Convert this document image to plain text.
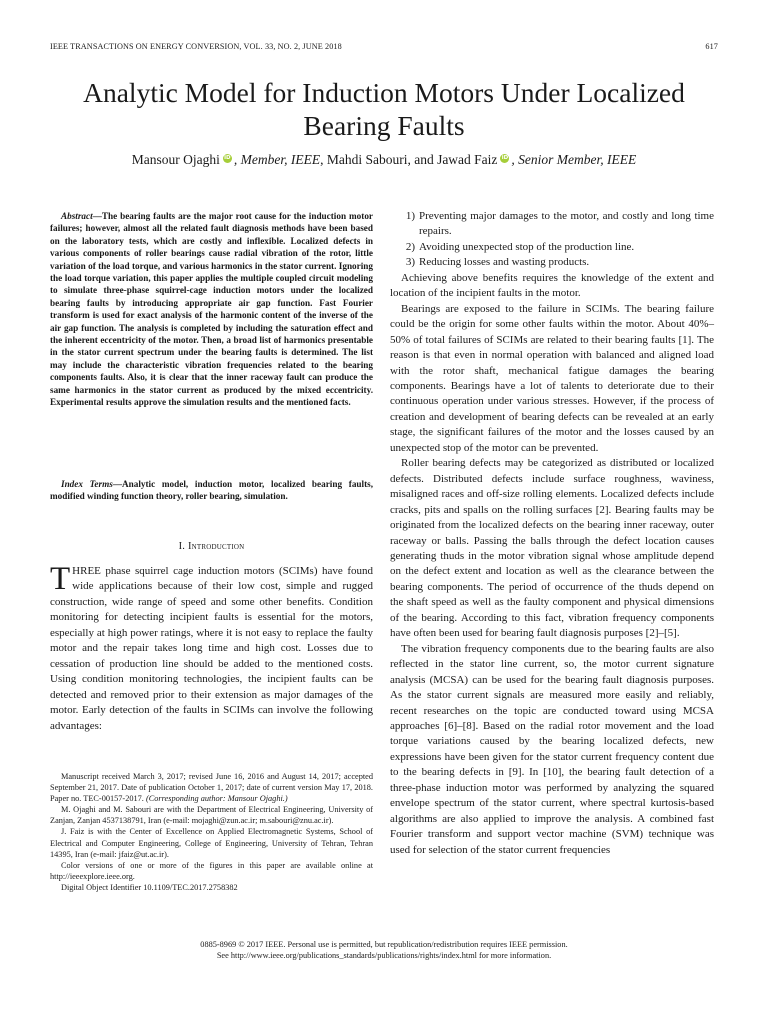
IEEE TRANSACTIONS ON ENERGY CONVERSION, VOL. 33, NO. 2, JUNE 2018	617
Analytic Model for Induction Motors Under Localized Bearing Faults
Mansour Ojaghi iD , Member, IEEE, Mahdi Sabouri, and Jawad Faiz iD , Senior Member, IEEE
Abstract—The bearing faults are the major root cause for the induction motor failures; however, almost all the related fault diagnosis methods have been based on the laboratory tests, which are costly and inflexible. Localized defects in various components of roller bearings cause radial vibration of the rotor, little variation of the load torque, and various harmonics in the stator current. Ignoring the load torque variation, this paper applies the multiple coupled circuit modeling to simulate three-phase squirrel-cage induction motors under the localized bearing faults by introducing appropriate air gap function. Fast Fourier transform is used for exact analysis of the harmonic content of the inverse of the air gap function. The analysis is completed by including the saturation effect and the inherent eccentricity of the motor. Then, a broad list of harmonics presentable in the stator current spectrum under the bearing faults is determined. The list may include the characteristic vibration frequencies related to the bearing components faults. Also, it is clear that the inner raceway fault can produce the same harmonics in the stator current as produced by the mixed eccentricity. Experimental results approve the simulation results and the mentioned facts.
Index Terms—Analytic model, induction motor, localized bearing faults, modified winding function theory, roller bearing, simulation.
I. Introduction
THREE phase squirrel cage induction motors (SCIMs) have found wide applications because of their low cost, simple and rugged construction, wide range of speed and some other benefits. Condition monitoring for detecting incipient faults is essential for the motors, especially at high power ratings, where it is not easy to replace the faulty motor and the repair takes long time and high cost. Losses due to cessation of production line should be added to the mentioned costs. Using condition monitoring technologies, the incipient faults can be detected and removed prior to their extension as major damages of the motor. Early detection of the faults in SCIMs can involve the following advantages:

Manuscript received March 3, 2017; revised June 16, 2016 and August 14, 2017; accepted September 21, 2017. Date of publication October 1, 2017; date of current version May 17, 2018. Paper no. TEC-00157-2017. (Corresponding author: Mansour Ojaghi.)

M. Ojaghi and M. Sabouri are with the Department of Electrical Engineering, University of Zanjan, Zanjan 4537138791, Iran (e-mail: mojaghi@zun.ac.ir; m.sabouri@znu.ac.ir).

J. Faiz is with the Center of Excellence on Applied Electromagnetic Systems, School of Electrical and Computer Engineering, College of Engineering, University of Tehran, Tehran 14395, Iran (e-mail: jfaiz@ut.ac.ir).

Color versions of one or more of the figures in this paper are available online at http://ieeexplore.ieee.org.

Digital Object Identifier 10.1109/TEC.2017.2758382

1) Preventing major damages to the motor, and costly and long time repairs.
2) Avoiding unexpected stop of the production line.
3) Reducing losses and wasting products.

Achieving above benefits requires the knowledge of the extent and location of the incipient faults in the motor.

Bearings are exposed to the failure in SCIMs. The bearing failure could be the origin for some other faults within the motor. About 40%–50% of total failures of SCIMs are related to their bearing faults [1]. The reason is that even in normal operation with balanced and aligned load with the rotor shaft, mechanical fatigue damages the bearing components. Bearings have a lot of talents to deteriorate due to their continuous operation under various stresses. However, if the process of creation and development of bearing defects can be revealed at an early stage, the significant failures of the motor and the losses caused by an unexpected stop of the motor can be prevented.

Roller bearing defects may be categorized as distributed or localized defects. Distributed defects include surface roughness, waviness, misaligned races and off-size rolling elements. Localized defects include cracks, pits and spalls on the rolling surfaces [2]. Bearing faults may be originated from the localized defects on the bearing inner raceway, outer raceway or balls. Passing the balls through the defect location causes generating thuds in the motor vibration signal whose amplitude depend on the defect extent and location as well as the clearance between the bearing components. The period of occurrence of the thuds depend on the shaft speed as well as the faulty component and physical dimensions of the bearing. According to this fact, vibration frequency components have often been used for bearing fault diagnosis purposes [2]–[5].

The vibration frequency components due to the bearing faults are also reflected in the stator line current, so, the motor current signature analysis (MCSA) can be used for the bearing fault diagnosis purposes. As the stator current signals are measured more easily and reliably, recent researches on the topic are conducted toward using MCSA approaches [6]–[8]. Based on the radial rotor movement and the load torque variations caused by the bearing localized defects, new expressions have been given for the stator current frequency content due to the bearing defects in [9]. In [10], the bearing fault detection of a three-phase induction motor was performed by analyzing the squared envelope spectrum of the stator current, where spectral kurtosis-based algorithms are also applied to improve the analysis. A combined fast Fourier transform and support vector machine (SVM) technique was used for selection of the stator current frequencies

0885-8969 © 2017 IEEE. Personal use is permitted, but republication/redistribution requires IEEE permission.
See http://www.ieee.org/publications_standards/publications/rights/index.html for more information.
